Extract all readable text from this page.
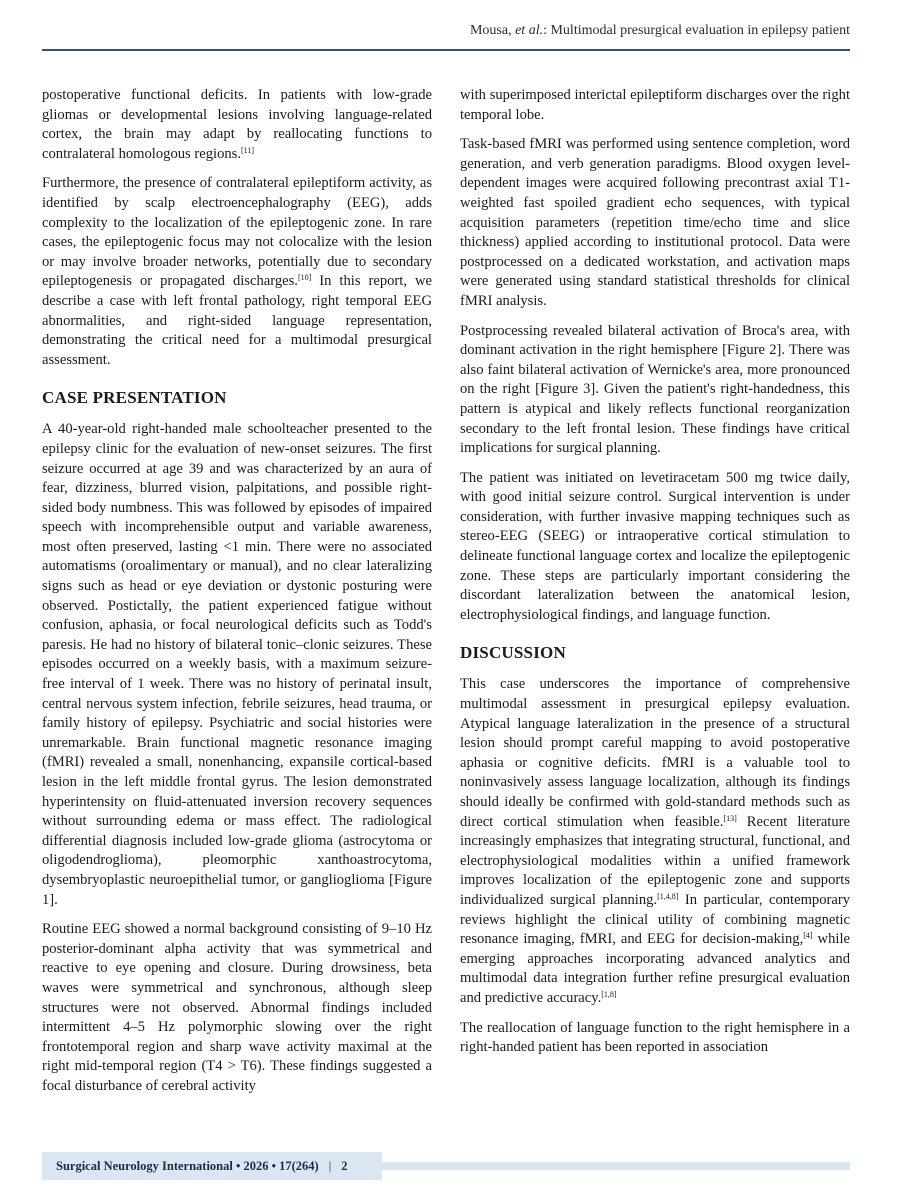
Mousa, et al.: Multimodal presurgical evaluation in epilepsy patient

postoperative functional deficits. In patients with low-grade gliomas or developmental lesions involving language-related cortex, the brain may adapt by reallocating functions to contralateral homologous regions.[11]

Furthermore, the presence of contralateral epileptiform activity, as identified by scalp electroencephalography (EEG), adds complexity to the localization of the epileptogenic zone. In rare cases, the epileptogenic focus may not colocalize with the lesion or may involve broader networks, potentially due to secondary epileptogenesis or propagated discharges.[10] In this report, we describe a case with left frontal pathology, right temporal EEG abnormalities, and right-sided language representation, demonstrating the critical need for a multimodal presurgical assessment.

CASE PRESENTATION

A 40-year-old right-handed male schoolteacher presented to the epilepsy clinic for the evaluation of new-onset seizures. The first seizure occurred at age 39 and was characterized by an aura of fear, dizziness, blurred vision, palpitations, and possible right-sided body numbness. This was followed by episodes of impaired speech with incomprehensible output and variable awareness, most often preserved, lasting <1 min. There were no associated automatisms (oroalimentary or manual), and no clear lateralizing signs such as head or eye deviation or dystonic posturing were observed. Postictally, the patient experienced fatigue without confusion, aphasia, or focal neurological deficits such as Todd's paresis. He had no history of bilateral tonic–clonic seizures. These episodes occurred on a weekly basis, with a maximum seizure-free interval of 1 week. There was no history of perinatal insult, central nervous system infection, febrile seizures, head trauma, or family history of epilepsy. Psychiatric and social histories were unremarkable. Brain functional magnetic resonance imaging (fMRI) revealed a small, nonenhancing, expansile cortical-based lesion in the left middle frontal gyrus. The lesion demonstrated hyperintensity on fluid-attenuated inversion recovery sequences without surrounding edema or mass effect. The radiological differential diagnosis included low-grade glioma (astrocytoma or oligodendroglioma), pleomorphic xanthoastrocytoma, dysembryoplastic neuroepithelial tumor, or ganglioglioma [Figure 1].

Routine EEG showed a normal background consisting of 9–10 Hz posterior-dominant alpha activity that was symmetrical and reactive to eye opening and closure. During drowsiness, beta waves were symmetrical and synchronous, although sleep structures were not observed. Abnormal findings included intermittent 4–5 Hz polymorphic slowing over the right frontotemporal region and sharp wave activity maximal at the right mid-temporal region (T4 > T6). These findings suggested a focal disturbance of cerebral activity

with superimposed interictal epileptiform discharges over the right temporal lobe.

Task-based fMRI was performed using sentence completion, word generation, and verb generation paradigms. Blood oxygen level-dependent images were acquired following precontrast axial T1-weighted fast spoiled gradient echo sequences, with typical acquisition parameters (repetition time/echo time and slice thickness) applied according to institutional protocol. Data were postprocessed on a dedicated workstation, and activation maps were generated using standard statistical thresholds for clinical fMRI analysis.

Postprocessing revealed bilateral activation of Broca's area, with dominant activation in the right hemisphere [Figure 2]. There was also faint bilateral activation of Wernicke's area, more pronounced on the right [Figure 3]. Given the patient's right-handedness, this pattern is atypical and likely reflects functional reorganization secondary to the left frontal lesion. These findings have critical implications for surgical planning.

The patient was initiated on levetiracetam 500 mg twice daily, with good initial seizure control. Surgical intervention is under consideration, with further invasive mapping techniques such as stereo-EEG (SEEG) or intraoperative cortical stimulation to delineate functional language cortex and localize the epileptogenic zone. These steps are particularly important considering the discordant lateralization between the anatomical lesion, electrophysiological findings, and language function.

DISCUSSION

This case underscores the importance of comprehensive multimodal assessment in presurgical epilepsy evaluation. Atypical language lateralization in the presence of a structural lesion should prompt careful mapping to avoid postoperative aphasia or cognitive deficits. fMRI is a valuable tool to noninvasively assess language localization, although its findings should ideally be confirmed with gold-standard methods such as direct cortical stimulation when feasible.[13] Recent literature increasingly emphasizes that integrating structural, functional, and electrophysiological modalities within a unified framework improves localization of the epileptogenic zone and supports individualized surgical planning.[1,4,8] In particular, contemporary reviews highlight the clinical utility of combining magnetic resonance imaging, fMRI, and EEG for decision-making,[4] while emerging approaches incorporating advanced analytics and multimodal data integration further refine presurgical evaluation and predictive accuracy.[1,8]

The reallocation of language function to the right hemisphere in a right-handed patient has been reported in association

Surgical Neurology International • 2026 • 17(264) | 2
